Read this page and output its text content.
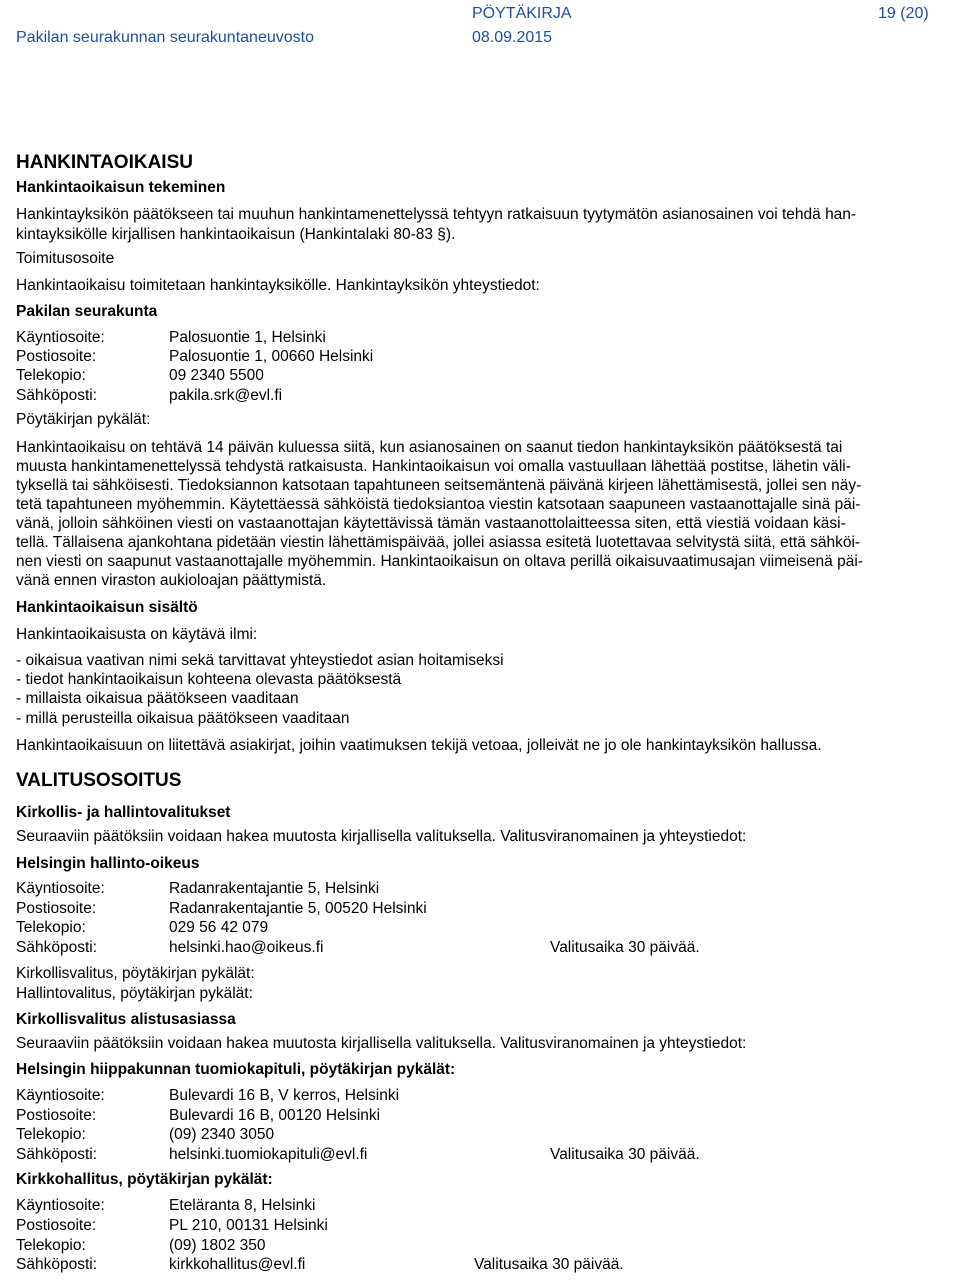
PÖYTÄKIRJA	19 (20)
Pakilan seurakunnan seurakuntaneuvosto	08.09.2015
HANKINTAOIKAISU
Hankintaoikaisun tekeminen
Hankintayksikön päätökseen tai muuhun hankintamenettelyssä tehtyyn ratkaisuun tyytymätön asianosainen voi tehdä han-
kintayksikölle kirjallisen hankintaoikaisun (Hankintalaki 80-83 §).
Toimitusosoite
Hankintaoikaisu toimitetaan hankintayksikölle. Hankintayksikön yhteystiedot:
Pakilan seurakunta
Käyntiosoite:	Palosuontie 1, Helsinki
Postiosoite:	Palosuontie 1, 00660 Helsinki
Telekopio:	09 2340 5500
Sähköposti:	pakila.srk@evl.fi
Pöytäkirjan pykälät:
Hankintaoikaisu on tehtävä 14 päivän kuluessa siitä, kun asianosainen on saanut tiedon hankintayksikön päätöksestä tai
muusta hankintamenettelyssä tehdystä ratkaisusta. Hankintaoikaisun voi omalla vastuullaan lähettää postitse, lähetin väli-
tyksellä tai sähköisesti. Tiedoksiannon katsotaan tapahtuneen seitsemäntenä päivänä kirjeen lähettämisestä, jollei sen näy-
tetä tapahtuneen myöhemmin. Käytettäessä sähköistä tiedoksiantoa viestin katsotaan saapuneen vastaanottajalle sinä päi-
vänä, jolloin sähköinen viesti on vastaanottajan käytettävissä tämän vastaanottolaitteessa siten, että viestiä voidaan käsi-
tellä. Tällaisena ajankohtana pidetään viestin lähettämispäivää, jollei asiassa esitetä luotettavaa selvitystä siitä, että sähköi-
nen viesti on saapunut vastaanottajalle myöhemmin. Hankintaoikaisun on oltava perillä oikaisuvaatimusajan viimeisenä päi-
vänä ennen viraston aukioloajan päättymistä.
Hankintaoikaisun sisältö
Hankintaoikaisusta on käytävä ilmi:
- oikaisua vaativan nimi sekä tarvittavat yhteystiedot asian hoitamiseksi
- tiedot hankintaoikaisun kohteena olevasta päätöksestä
- millaista oikaisua päätökseen vaaditaan
- millä perusteilla oikaisua päätökseen vaaditaan
Hankintaoikaisuun on liitettävä asiakirjat, joihin vaatimuksen tekijä vetoaa, jolleivät ne jo ole hankintayksikön hallussa.
VALITUSOSOITUS
Kirkollis- ja hallintovalitukset
Seuraaviin päätöksiin voidaan hakea muutosta kirjallisella valituksella. Valitusviranomainen ja yhteystiedot:
Helsingin hallinto-oikeus
Käyntiosoite:	Radanrakentajantie 5, Helsinki
Postiosoite:	Radanrakentajantie 5, 00520 Helsinki
Telekopio:	029 56 42 079
Sähköposti:	helsinki.hao@oikeus.fi	Valitusaika 30 päivää.
Kirkollisvalitus, pöytäkirjan pykälät:
Hallintovalitus, pöytäkirjan pykälät:
Kirkollisvalitus alistusasiassa
Seuraaviin päätöksiin voidaan hakea muutosta kirjallisella valituksella. Valitusviranomainen ja yhteystiedot:
Helsingin hiippakunnan tuomiokapituli, pöytäkirjan pykälät:
Käyntiosoite:	Bulevardi 16 B, V kerros, Helsinki
Postiosoite:	Bulevardi 16 B, 00120 Helsinki
Telekopio:	(09) 2340 3050
Sähköposti:	helsinki.tuomiokapituli@evl.fi	Valitusaika 30 päivää.
Kirkkohallitus, pöytäkirjan pykälät:
Käyntiosoite:	Eteläranta 8, Helsinki
Postiosoite:	PL 210, 00131 Helsinki
Telekopio:	(09) 1802 350
Sähköposti:	kirkkohallitus@evl.fi	Valitusaika 30 päivää.
